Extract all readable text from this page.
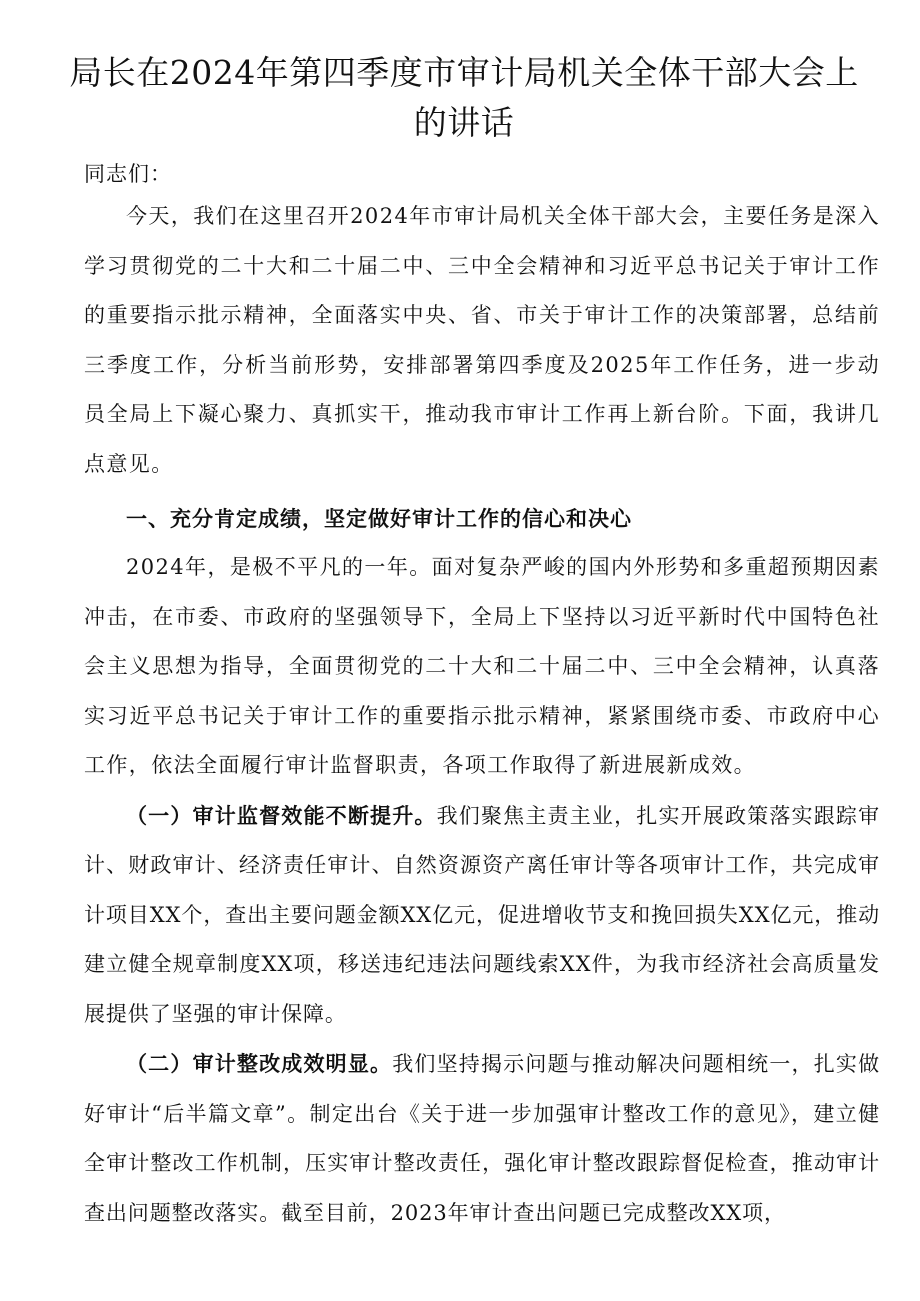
局长在2024年第四季度市审计局机关全体干部大会上的讲话

同志们：

今天，我们在这里召开2024年市审计局机关全体干部大会，主要任务是深入学习贯彻党的二十大和二十届二中、三中全会精神和习近平总书记关于审计工作的重要指示批示精神，全面落实中央、省、市关于审计工作的决策部署，总结前三季度工作，分析当前形势，安排部署第四季度及2025年工作任务，进一步动员全局上下凝心聚力、真抓实干，推动我市审计工作再上新台阶。下面，我讲几点意见。

一、充分肯定成绩，坚定做好审计工作的信心和决心

2024年，是极不平凡的一年。面对复杂严峻的国内外形势和多重超预期因素冲击，在市委、市政府的坚强领导下，全局上下坚持以习近平新时代中国特色社会主义思想为指导，全面贯彻党的二十大和二十届二中、三中全会精神，认真落实习近平总书记关于审计工作的重要指示批示精神，紧紧围绕市委、市政府中心工作，依法全面履行审计监督职责，各项工作取得了新进展新成效。

（一）审计监督效能不断提升。我们聚焦主责主业，扎实开展政策落实跟踪审计、财政审计、经济责任审计、自然资源资产离任审计等各项审计工作，共完成审计项目XX个，查出主要问题金额XX亿元，促进增收节支和挽回损失XX亿元，推动建立健全规章制度XX项，移送违纪违法问题线索XX件，为我市经济社会高质量发展提供了坚强的审计保障。

（二）审计整改成效明显。我们坚持揭示问题与推动解决问题相统一，扎实做好审计“后半篇文章”。制定出台《关于进一步加强审计整改工作的意见》，建立健全审计整改工作机制，压实审计整改责任，强化审计整改跟踪督促检查，推动审计查出问题整改落实。截至目前，2023年审计查出问题已完成整改XX项，
